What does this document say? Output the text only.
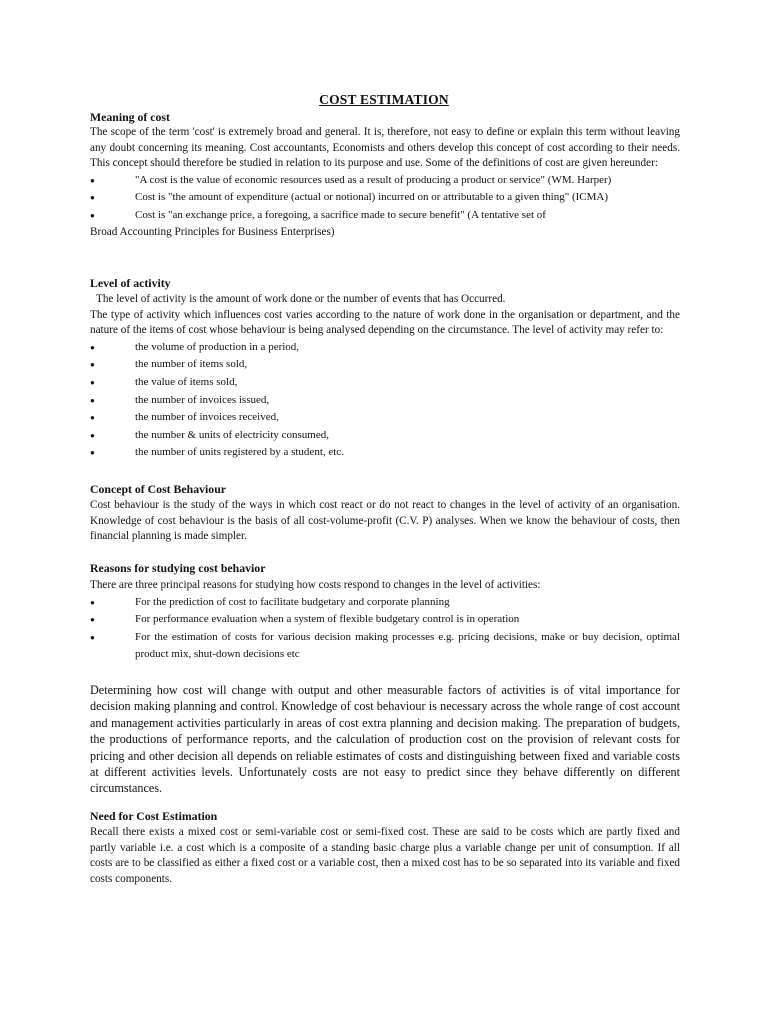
COST ESTIMATION
Meaning of cost

The scope of the term 'cost' is extremely broad and general. It is, therefore, not easy to define or explain this term without leaving any doubt concerning its meaning. Cost accountants, Economists and others develop this concept of cost according to their needs. This concept should therefore be studied in relation to its purpose and use. Some of the definitions of cost are given hereunder:

● "A cost is the value of economic resources used as a result of producing a product or service" (WM. Harper)
● Cost is "the amount of expenditure (actual or notional) incurred on or attributable to a given thing" (ICMA)
● Cost is "an exchange price, a foregoing, a sacrifice made to secure benefit" (A tentative set of

Broad Accounting Principles for Business Enterprises)

Level of activity

The level of activity is the amount of work done or the number of events that has Occurred.

The type of activity which influences cost varies according to the nature of work done in the organisation or department, and the nature of the items of cost whose behaviour is being analysed depending on the circumstance. The level of activity may refer to:

● the volume of production in a period,
● the number of items sold,
● the value of items sold,
● the number of invoices issued,
● the number of invoices received,
● the number & units of electricity consumed,
● the number of units registered by a student, etc.
Concept of Cost Behaviour

Cost behaviour is the study of the ways in which cost react or do not react to changes in the level of activity of an organisation. Knowledge of cost behaviour is the basis of all cost-volume-profit (C.V. P) analyses. When we know the behaviour of costs, then financial planning is made simpler.

Reasons for studying cost behavior

There are three principal reasons for studying how costs respond to changes in the level of activities:

● For the prediction of cost to facilitate budgetary and corporate planning
● For performance evaluation when a system of flexible budgetary control is in operation
● For the estimation of costs for various decision making processes e.g. pricing decisions, make or buy decision, optimal product mix, shut-down decisions etc

Determining how cost will change with output and other measurable factors of activities is of vital importance for decision making planning and control. Knowledge of cost behaviour is necessary across the whole range of cost account and management activities particularly in areas of cost extra planning and decision making. The preparation of budgets, the productions of performance reports, and the calculation of production cost on the provision of relevant costs for pricing and other decision all depends on reliable estimates of costs and distinguishing between fixed and variable costs at different activities levels. Unfortunately costs are not easy to predict since they behave differently on different circumstances.

Need for Cost Estimation

Recall there exists a mixed cost or semi-variable cost or semi-fixed cost. These are said to be costs which are partly fixed and partly variable i.e. a cost which is a composite of a standing basic charge plus a variable change per unit of consumption. If all costs are to be classified as either a fixed cost or a variable cost, then a mixed cost has to be so separated into its variable and fixed costs components.
